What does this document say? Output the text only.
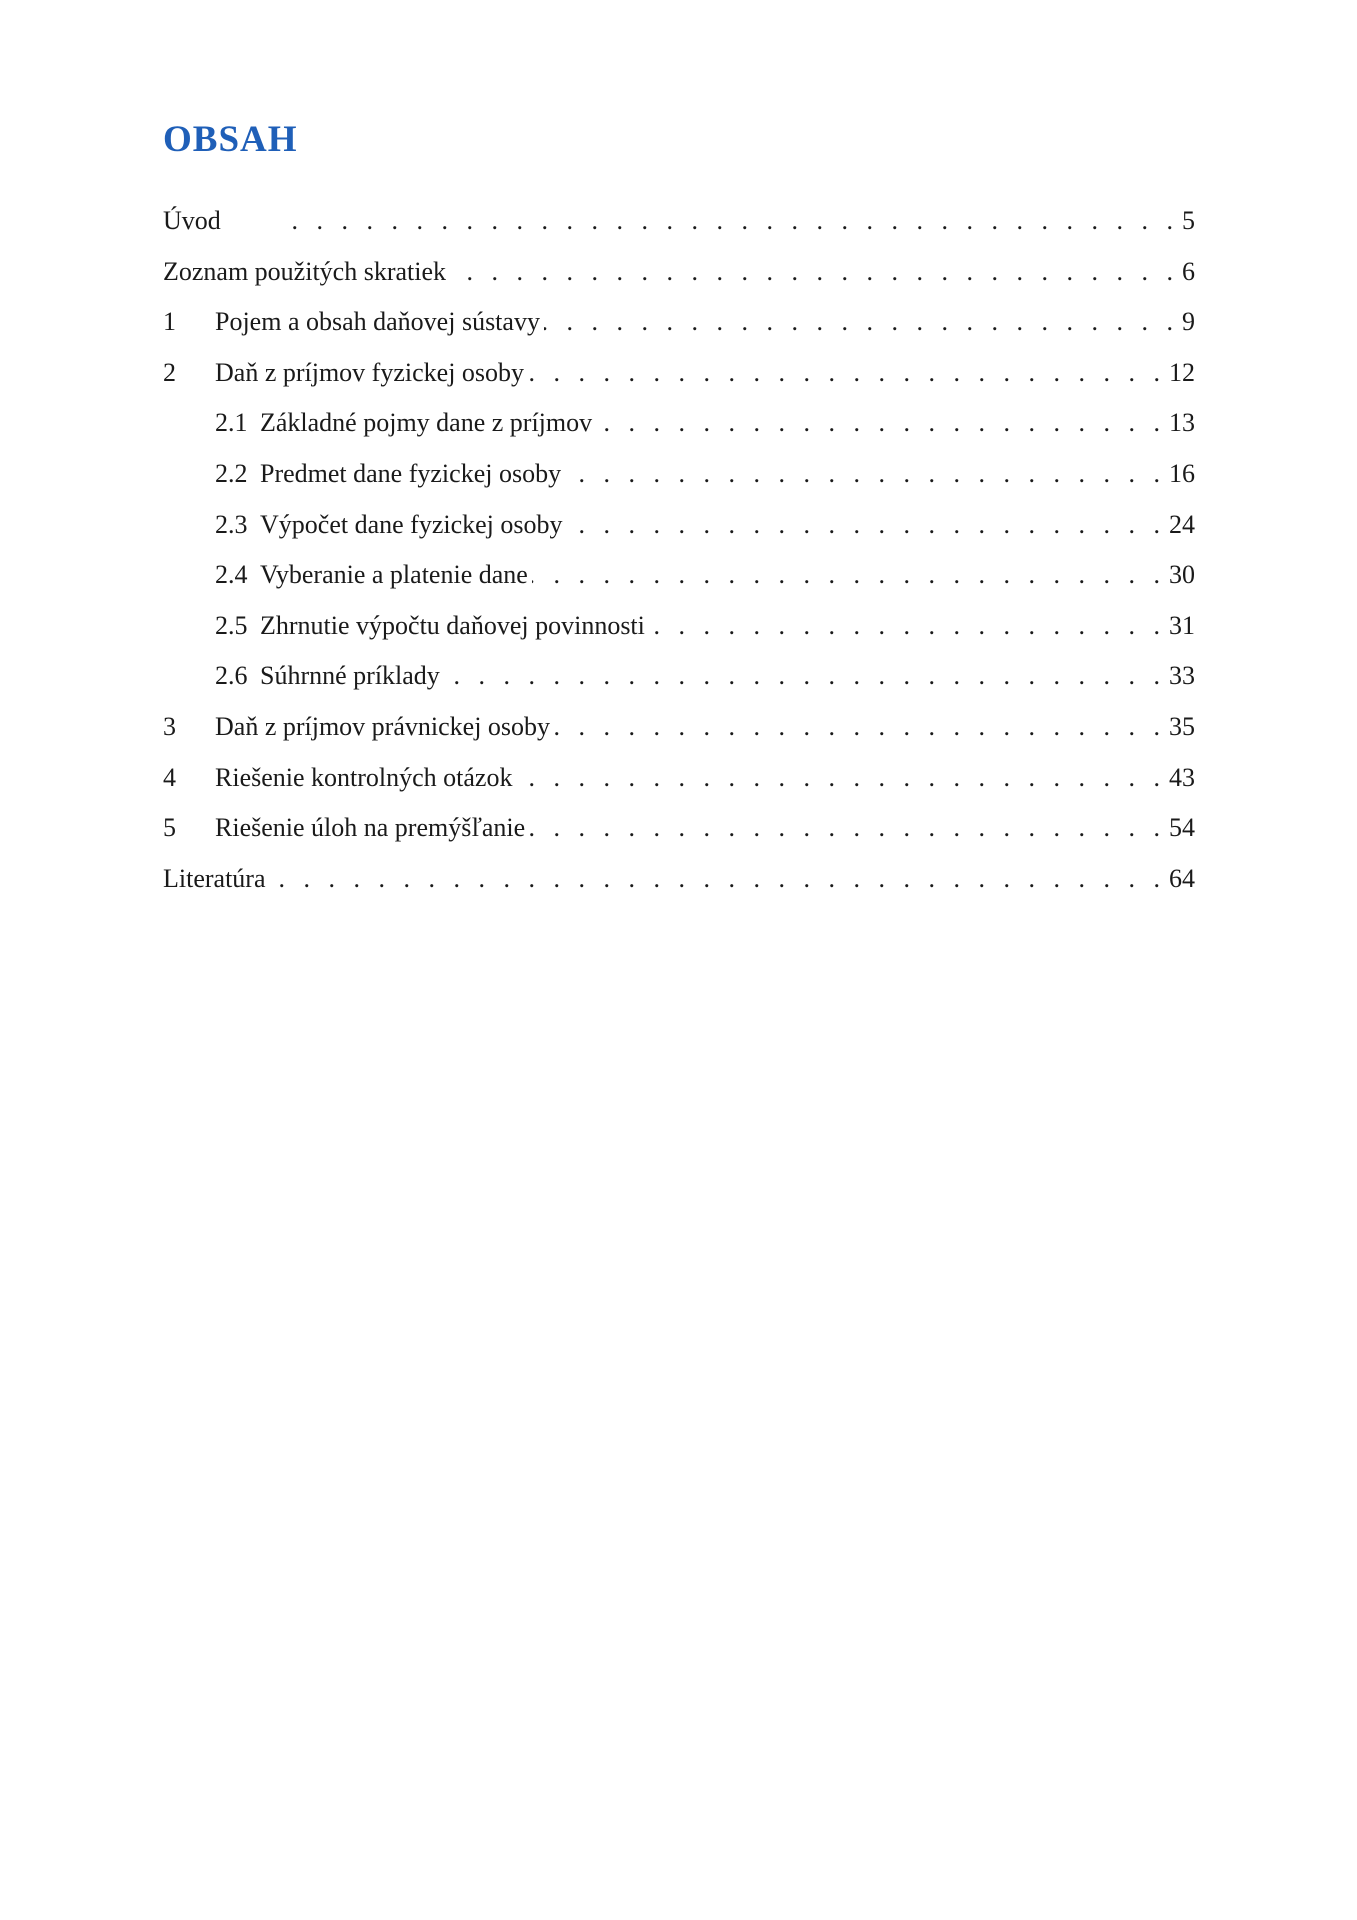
OBSAH
Úvod . . .	5
Zoznam použitých skratiek . . .	6
1	Pojem a obsah daňovej sústavy . . .	9
2	Daň z príjmov fyzickej osoby . . .	12
2.1 Základné pojmy dane z príjmov . . .	13
2.2 Predmet dane fyzickej osoby . . .	16
2.3 Výpočet dane fyzickej osoby . . .	24
2.4 Vyberanie a platenie dane . . .	30
2.5 Zhrnutie výpočtu daňovej povinnosti . . .	31
2.6 Súhrnné príklady . . .	33
3	Daň z príjmov právnickej osoby . . .	35
4	Riešenie kontrolných otázok . . .	43
5	Riešenie úloh na premýšľanie . . .	54
Literatúra . . .	64
